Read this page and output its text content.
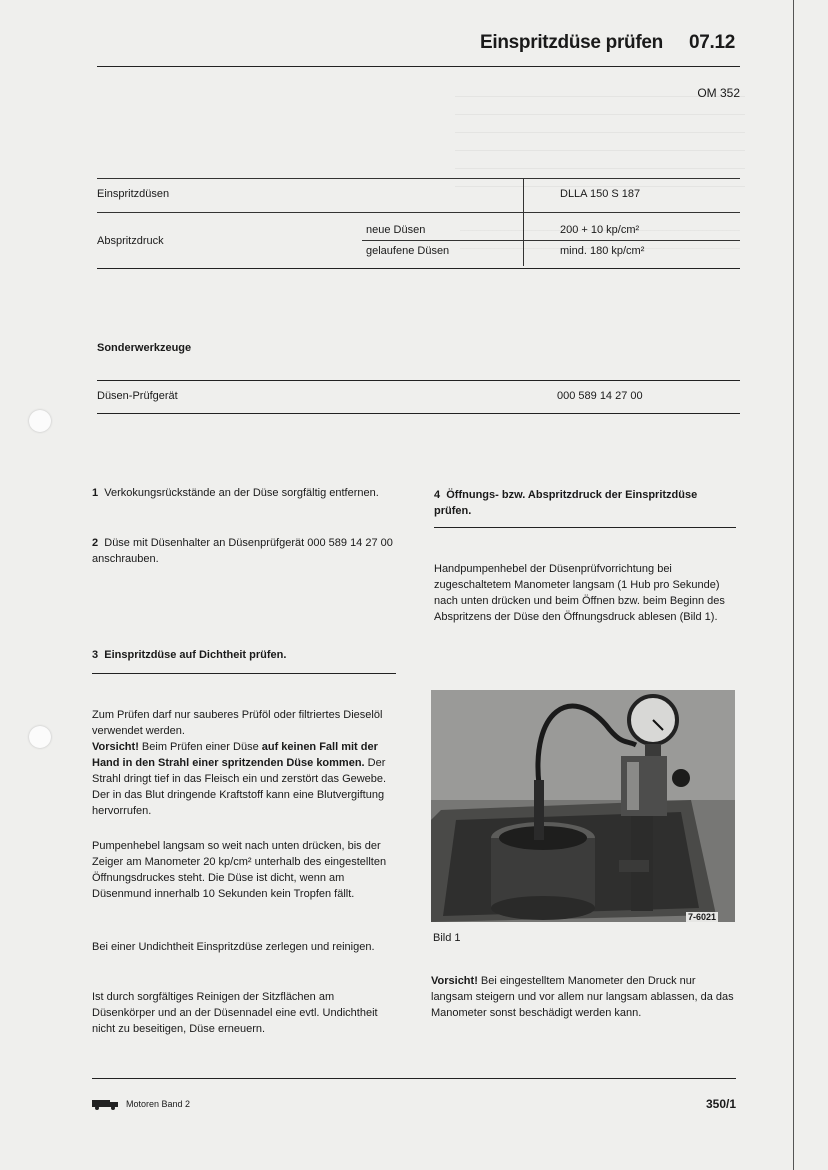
Einspritzdüse prüfen 07.12
OM 352
Einspritzdüsen	DLLA 150 S 187
Abspritzdruck
neue Düsen	200 + 10 kp/cm²
gelaufene Düsen	mind. 180 kp/cm²
Sonderwerkzeuge
Düsen-Prüfgerät	000 589 14 27 00
1 Verkokungsrückstände an der Düse sorgfältig entfernen.
2 Düse mit Düsenhalter an Düsenprüfgerät 000 589 14 27 00 anschrauben.
3 Einspritzdüse auf Dichtheit prüfen.
Zum Prüfen darf nur sauberes Prüföl oder filtriertes Dieselöl verwendet werden.
Vorsicht! Beim Prüfen einer Düse auf keinen Fall mit der Hand in den Strahl einer spritzenden Düse kommen. Der Strahl dringt tief in das Fleisch ein und zerstört das Gewebe. Der in das Blut dringende Kraftstoff kann eine Blutvergiftung hervorrufen.
Pumpenhebel langsam so weit nach unten drücken, bis der Zeiger am Manometer 20 kp/cm² unterhalb des eingestellten Öffnungsdruckes steht. Die Düse ist dicht, wenn am Düsenmund innerhalb 10 Sekunden kein Tropfen fällt.
Bei einer Undichtheit Einspritzdüse zerlegen und reinigen.
Ist durch sorgfältiges Reinigen der Sitzflächen am Düsenkörper und an der Düsennadel eine evtl. Undichtheit nicht zu beseitigen, Düse erneuern.
4 Öffnungs- bzw. Abspritzdruck der Einspritzdüse prüfen.
Handpumpenhebel der Düsenprüfvorrichtung bei zugeschaltetem Manometer langsam (1 Hub pro Sekunde) nach unten drücken und beim Öffnen bzw. beim Beginn des Abspritzens der Düse den Öffnungsdruck ablesen (Bild 1).
7-6021
Bild 1
Vorsicht! Bei eingestelltem Manometer den Druck nur langsam steigern und vor allem nur langsam ablassen, da das Manometer sonst beschädigt werden kann.
Motoren Band 2	350/1
